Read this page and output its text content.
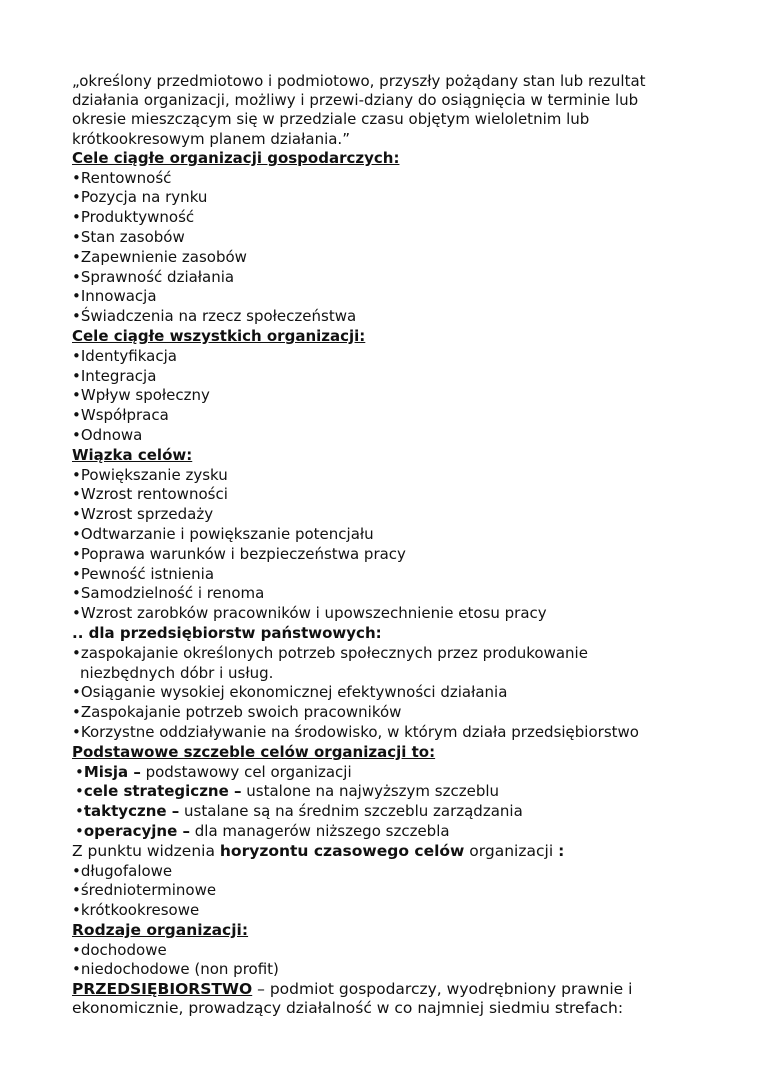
„określony przedmiotowo i podmiotowo, przyszły pożądany stan lub rezultat
działania organizacji, możliwy i przewi-dziany do osiągnięcia w terminie lub
okresie mieszczącym się w przedziale czasu objętym wieloletnim lub
krótkookresowym planem działania.”
Cele ciągłe organizacji gospodarczych:
•Rentowność
•Pozycja na rynku
•Produktywność
•Stan zasobów
•Zapewnienie zasobów
•Sprawność działania
•Innowacja
•Świadczenia na rzecz społeczeństwa
Cele ciągłe wszystkich organizacji:
•Identyfikacja
•Integracja
•Wpływ społeczny
•Współpraca
•Odnowa
Wiązka celów:
•Powiększanie zysku
•Wzrost rentowności
•Wzrost sprzedaży
•Odtwarzanie i powiększanie potencjału
•Poprawa warunków i bezpieczeństwa pracy
•Pewność istnienia
•Samodzielność i renoma
•Wzrost zarobków pracowników i upowszechnienie etosu pracy
.. dla przedsiębiorstw państwowych:
•zaspokajanie określonych potrzeb społecznych przez produkowanie
niezbędnych dóbr i usług.
•Osiąganie wysokiej ekonomicznej efektywności działania
•Zaspokajanie potrzeb swoich pracowników
•Korzystne oddziaływanie na środowisko, w którym działa przedsiębiorstwo
Podstawowe szczeble celów organizacji to:
•Misja – podstawowy cel organizacji
•cele strategiczne – ustalone na najwyższym szczeblu
•taktyczne – ustalane są na średnim szczeblu zarządzania
•operacyjne – dla managerów niższego szczebla
Z punktu widzenia horyzontu czasowego celów organizacji :
•długofalowe
•średnioterminowe
•krótkookresowe
Rodzaje organizacji:
•dochodowe
•niedochodowe (non profit)
PRZEDSIĘBIORSTWO – podmiot gospodarczy, wyodrębniony prawnie i
ekonomicznie, prowadzący działalność w co najmniej siedmiu strefach:
